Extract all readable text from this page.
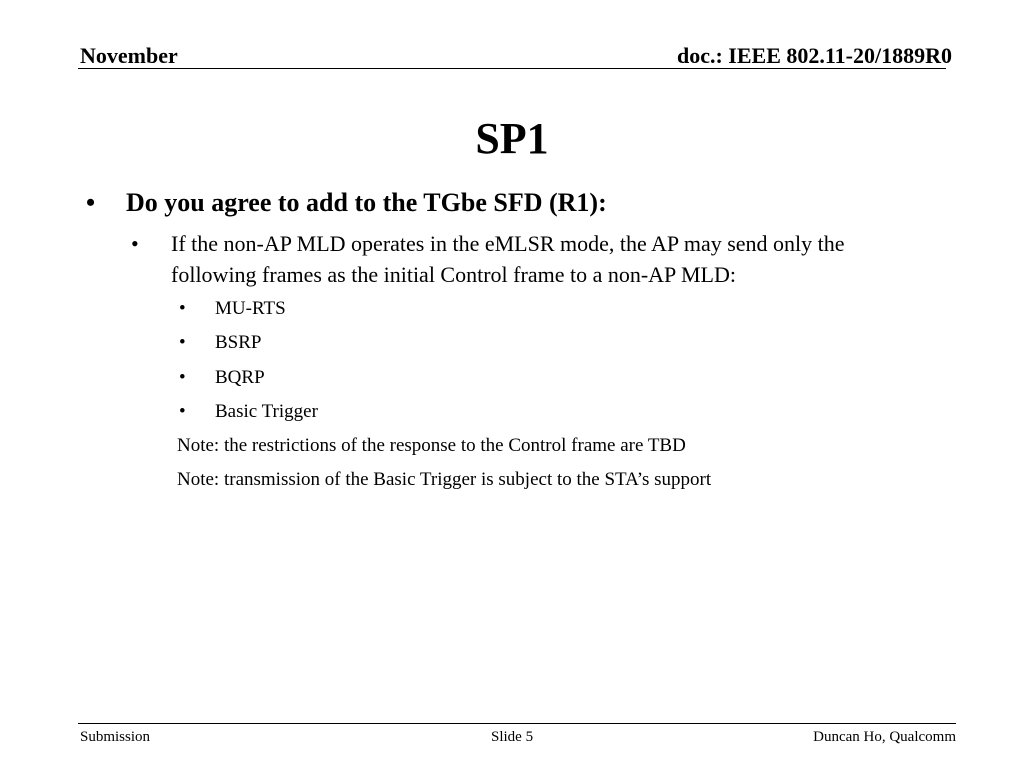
November	doc.: IEEE 802.11-20/1889R0
SP1
• Do you agree to add to the TGbe SFD (R1):
• If the non-AP MLD operates in the eMLSR mode, the AP may send only the following frames as the initial Control frame to a non-AP MLD:
• MU-RTS
• BSRP
• BQRP
• Basic Trigger
Note: the restrictions of the response to the Control frame are TBD
Note: transmission of the Basic Trigger is subject to the STA’s support
Submission	Slide 5	Duncan Ho, Qualcomm
